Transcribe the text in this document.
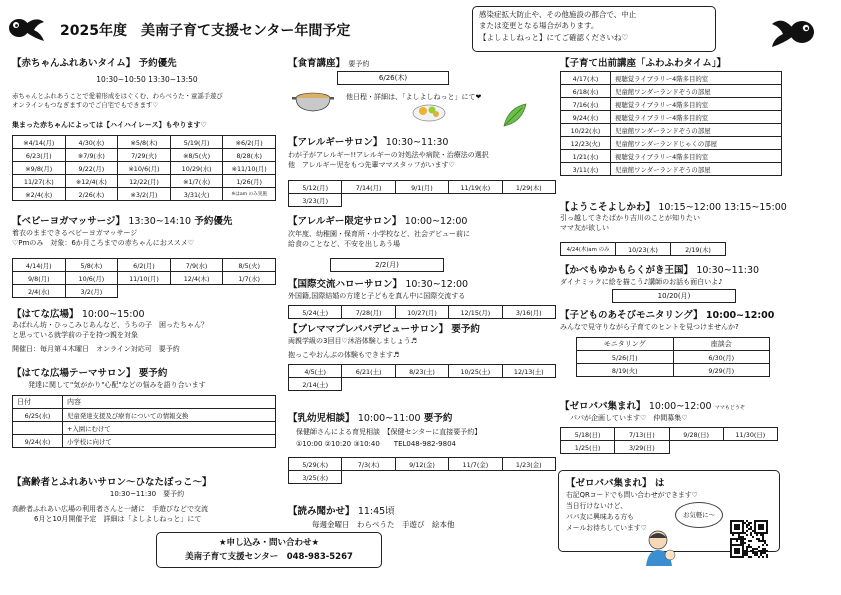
2025年度　美南子育て支援センター年間予定
感染症拡大防止や、その他施設の都合で、中止
または変更となる場合があります。
【よしよしねっと】にてご確認くださいね♡
【赤ちゃんふれあいタイム】 予約優先
10:30~10:50 13:30~13:50
赤ちゃんとふれあうことで愛着形成をはぐくむ、わらべうた・童謡手遊び
オンラインもつなぎますのでご自宅でもできます♡
集まった赤ちゃんによっては【ハイハイレース】もやります♡
※4/14(月)	4/30(水)	※5/8(木)	5/19(月)	※6/2(月)
6/23(月)	※7/9(水)	7/29(火)	※8/5(火)	8/28(木)
※9/8(月)	9/22(月)	※10/6(月)	10/29(水)	※11/10(月)
11/27(木)	※12/4(木)	12/22(月)	※1/7(水)	1/26(月)
※2/4(水)	2/26(木)	※3/2(月)	3/31(火)	※はam のみ実施
【ベビーヨガマッサージ】 13:30~14:10 予約優先
着衣のままできるベビーヨガマッサージ
♡Pmのみ　対象：6か月ころまでの赤ちゃんにおススメ♡
4/14(月)	5/8(木)	6/2(月)	7/9(水)	8/5(火)
9/8(月)	10/6(月)	11/10(月)	12/4(木)	1/7(水)
2/4(水)	3/2(月)			
【はてな広場】 10:00~15:00
あばれん坊・ひっこみじあんなど、うちの子　困ったちゃん？
と思っている就学前の子を持つ親を対象
開催日：毎月第４木曜日　オンライン対応可　要予約
【はてな広場テーマサロン】 要予約
発達に関して"気がかり"心配"などの悩みを語り合います
日付	内容
6/25(水)	児童発達支援及び療育についての情報交換
	+入園にむけて
9/24(水)	小学校に向けて
【高齢者とふれあいサロン～ひなたぼっこ～】
10:30~11:30　要予約
高齢者ふれあい広場の利用者さんと一緒に　手遊びなどで交流
6月と10月開催予定　詳細は「よしよしねっと」にて
★申し込み・問い合わせ★
美南子育て支援センター　048-983-5267
【食育講座】 要予約
6/26(木)
他日程・詳細は、「よしよしねっと」にて❤
【アレルギーサロン】 10:30~11:30
わが子がアレルギー!!アレルギーの対処法や病院・治療法の選択
他　アレルギー児をもつ先輩ママスタッフがいます♡
5/12(月)	7/14(月)	9/1(月)	11/19(水)	1/29(木)
3/23(月)				
【アレルギー限定サロン】 10:00~12:00
次年度、幼稚園・保育所・小学校など、社会デビュー前に
給食のことなど、不安を出しあう場
2/2(月)
【国際交流ハローサロン】 10:30~12:00
外国籍,国際結婚の方達と子どもを真ん中に国際交流する
5/24(土)	7/28(月)	10/27(月)	12/15(月)	3/16(月)
【プレママプレパパデビューサロン】 要予約
両親学級の3回目♡沐浴体験しましょう♬
抱っこやおんぶの体験もできます♬
4/5(土)	6/21(土)	8/23(土)	10/25(土)	12/13(土)
2/14(土)				
【乳幼児相談】 10:00~11:00 要予約
保健師さんによる育児相談　【保健センターに直接要予約】
①10:00 ②10:20 ③10:40　　TEL048-982-9804
5/29(木)	7/3(木)	9/12(金)	11/7(金)	1/23(金)
3/25(水)				
【読み聞かせ】 11:45頃
毎週金曜日　わらべうた　手遊び　絵本他
【子育て出前講座「ふわふわタイム」】
4/17(木)	視聴覚ライブラリー4階多目的室
6/18(水)	児童館ワンダーランドぞうの部屋
7/16(水)	視聴覚ライブラリー4階多目的室
9/24(水)	視聴覚ライブラリー4階多目的室
10/22(水)	児童館ワンダーランドぞうの部屋
12/23(火)	児童館ワンダーランドじゃくの部屋
1/21(水)	視聴覚ライブラリー4階多目的室
3/11(水)	児童館ワンダーランドぞうの部屋
【ようこそよしかわ】 10:15~12:00 13:15~15:00
引っ越してきたばかり吉川のことが知りたい
ママ友が欲しい
4/24(木)am のみ	10/23(木)	2/19(木)
【かべもゆかもらくがき王国】 10:30~11:30
ダイナミックに絵を描こう♪講師のお話も面白いよ♪
10/20(月)
【子どものあそびモニタリング】 10:00~12:00
みんなで見守りながら子育てのヒントを見つけませんか?
モニタリング	座談会
5/26(月)	6/30(月)
8/19(火)	9/29(月)
【ゼロパパ集まれ】 10:00~12:00 ママもどうぞ
パパが企画しています♡　仲間募集♡
5/18(日)	7/13(日)	9/28(日)	11/30(日)
1/25(日)	3/29(日)		
【ゼロパパ集まれ】 は
右記QRコードでも問い合わせができます♡
当日行けないけど、
パパ友に興味ある方も
メールお待ちしています♡
お気軽に～
